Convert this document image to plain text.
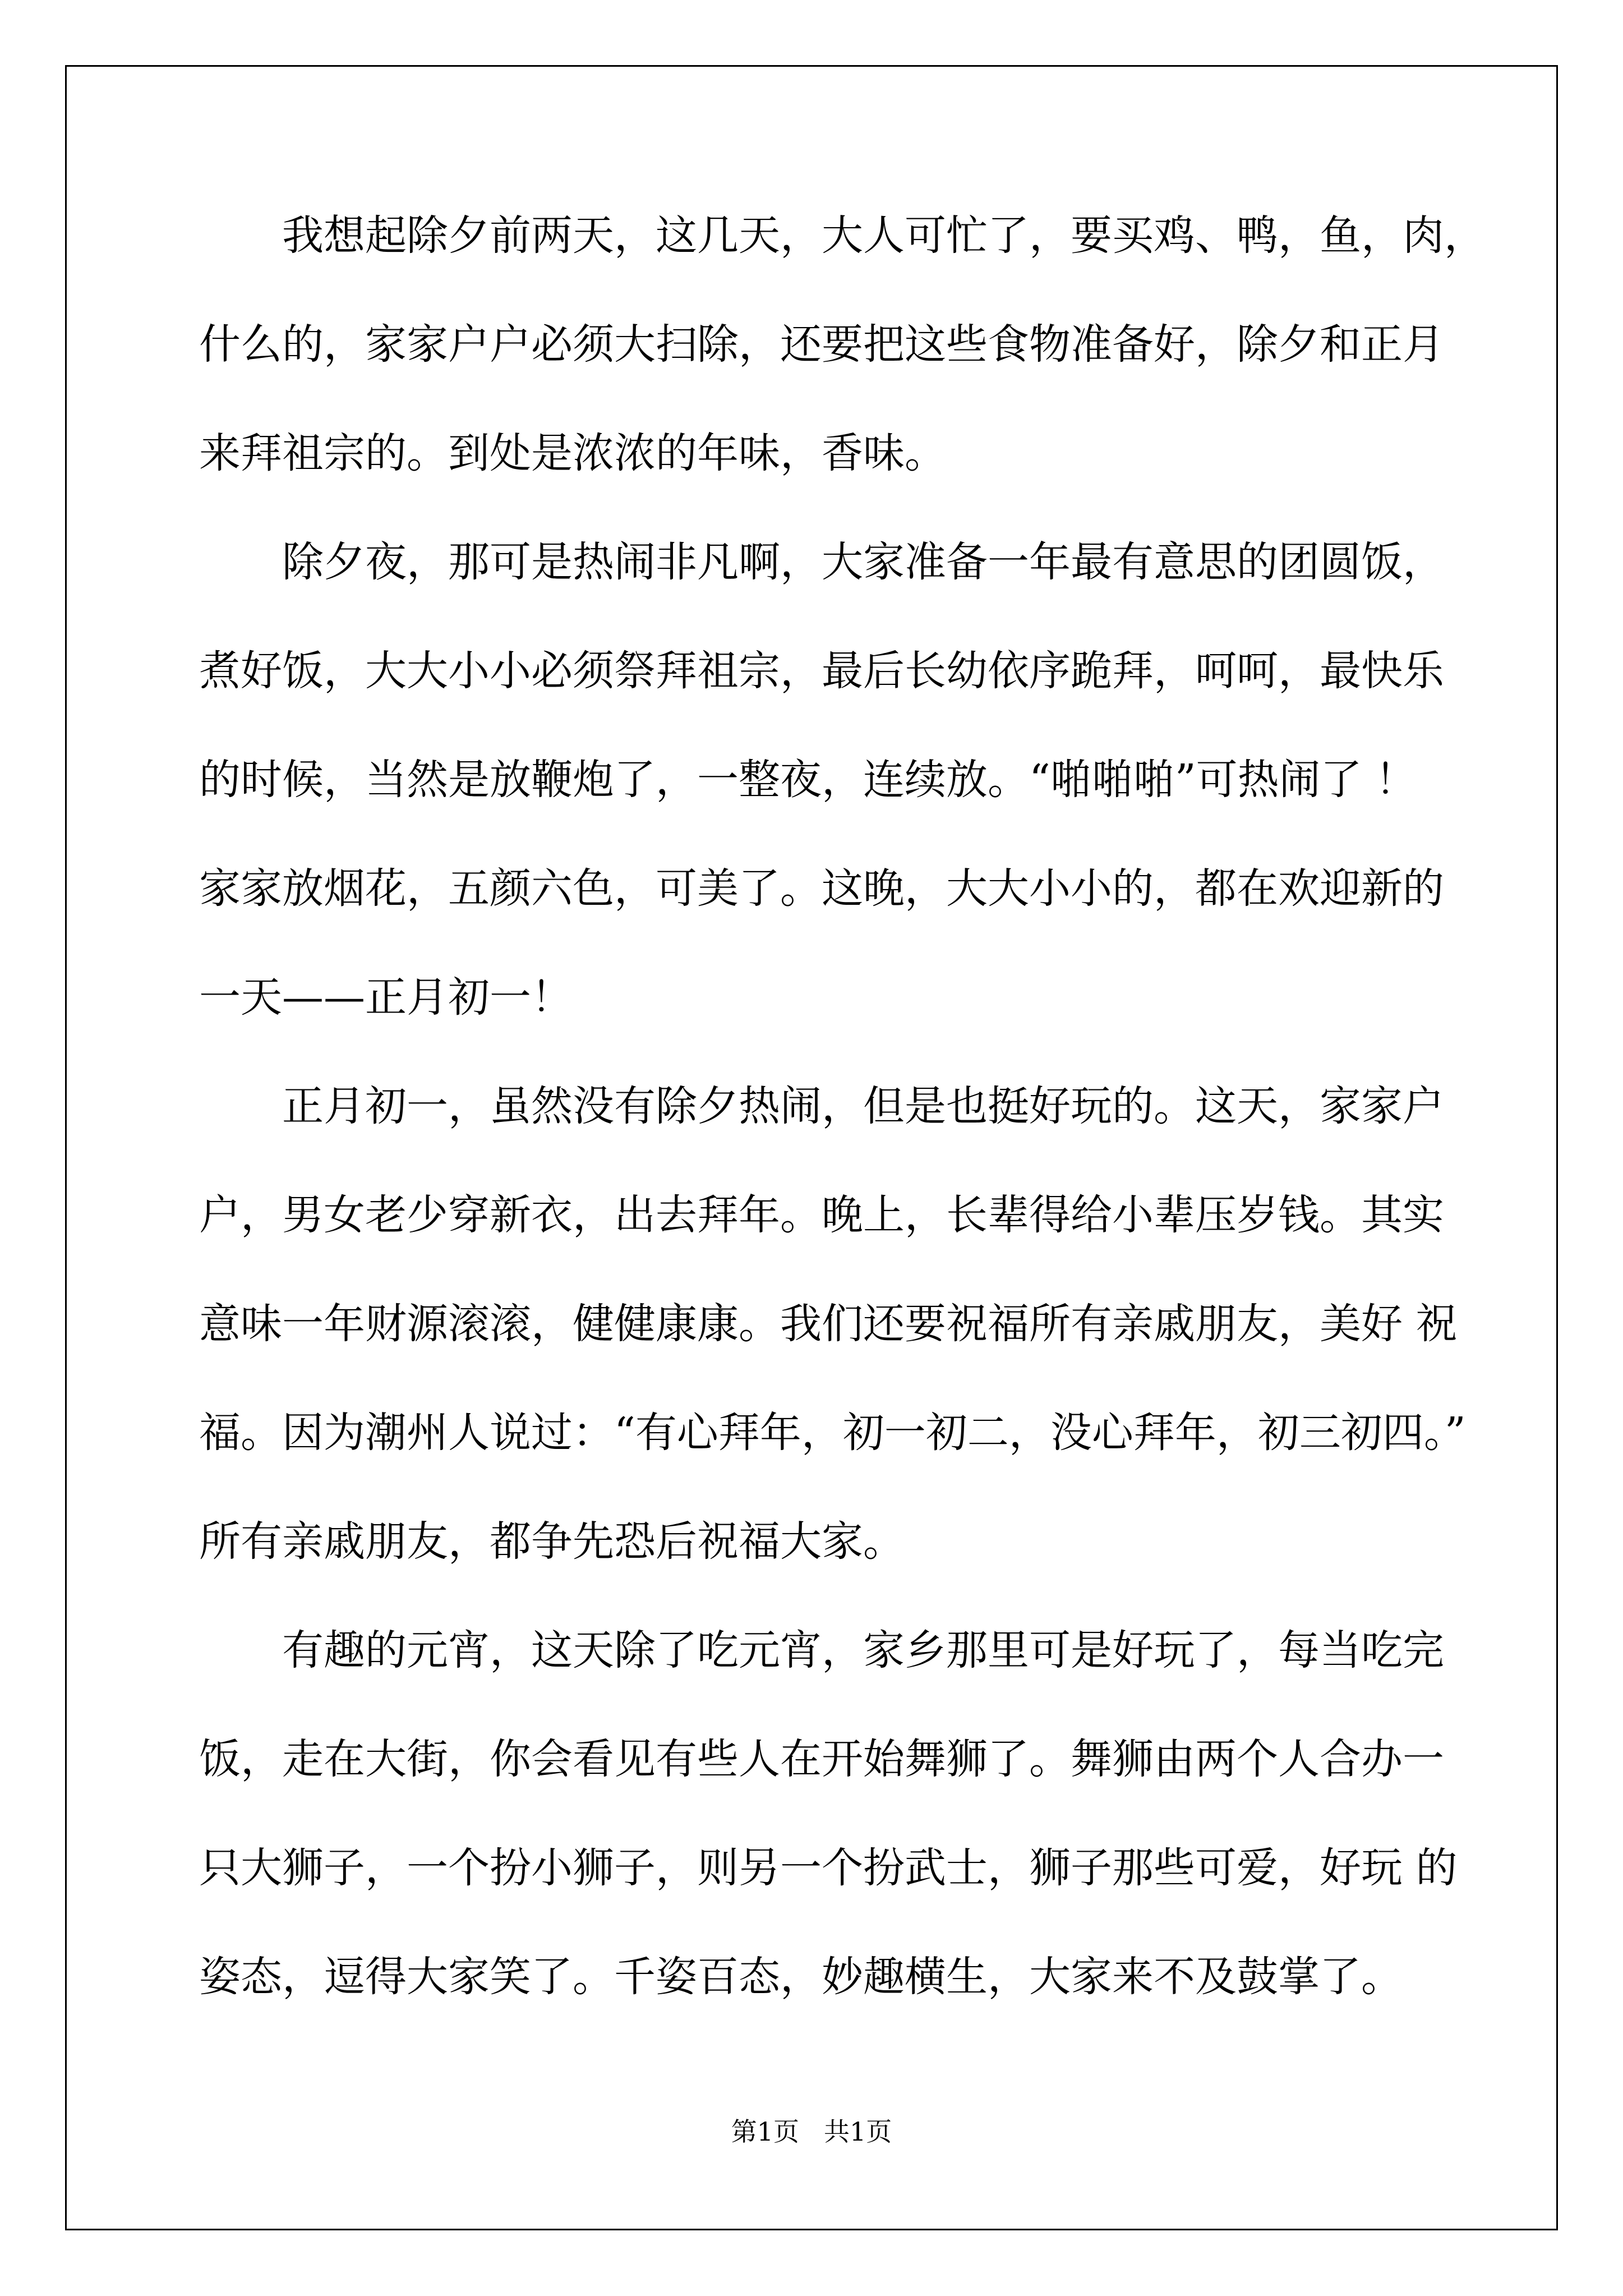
我想起除夕前两天，这几天，大人可忙了，要买鸡、鸭，鱼，肉，
什么的，家家户户必须大扫除，还要把这些食物准备好，除夕和正月
来拜祖宗的。到处是浓浓的年味，香味。
除夕夜，那可是热闹非凡啊，大家准备一年最有意思的团圆饭，
煮好饭，大大小小必须祭拜祖宗，最后长幼依序跪拜，呵呵，最快乐
的时候，当然是放鞭炮了，一整夜，连续放。“啪啪啪”可热闹了 ！
家家放烟花，五颜六色，可美了。这晚，大大小小的，都在欢迎新的
一天——正月初一！
正月初一，虽然没有除夕热闹，但是也挺好玩的。这天，家家户
户，男女老少穿新衣，出去拜年。晚上，长辈得给小辈压岁钱。其实
意味一年财源滚滚，健健康康。我们还要祝福所有亲戚朋友，美好 祝
福。因为潮州人说过：“有心拜年，初一初二，没心拜年，初三初四。”
所有亲戚朋友，都争先恐后祝福大家。
有趣的元宵，这天除了吃元宵，家乡那里可是好玩了，每当吃完
饭，走在大街，你会看见有些人在开始舞狮了。舞狮由两个人合办一
只大狮子，一个扮小狮子，则另一个扮武士，狮子那些可爱，好玩 的
姿态，逗得大家笑了。千姿百态，妙趣横生，大家来不及鼓掌了。
第1页 共1页
